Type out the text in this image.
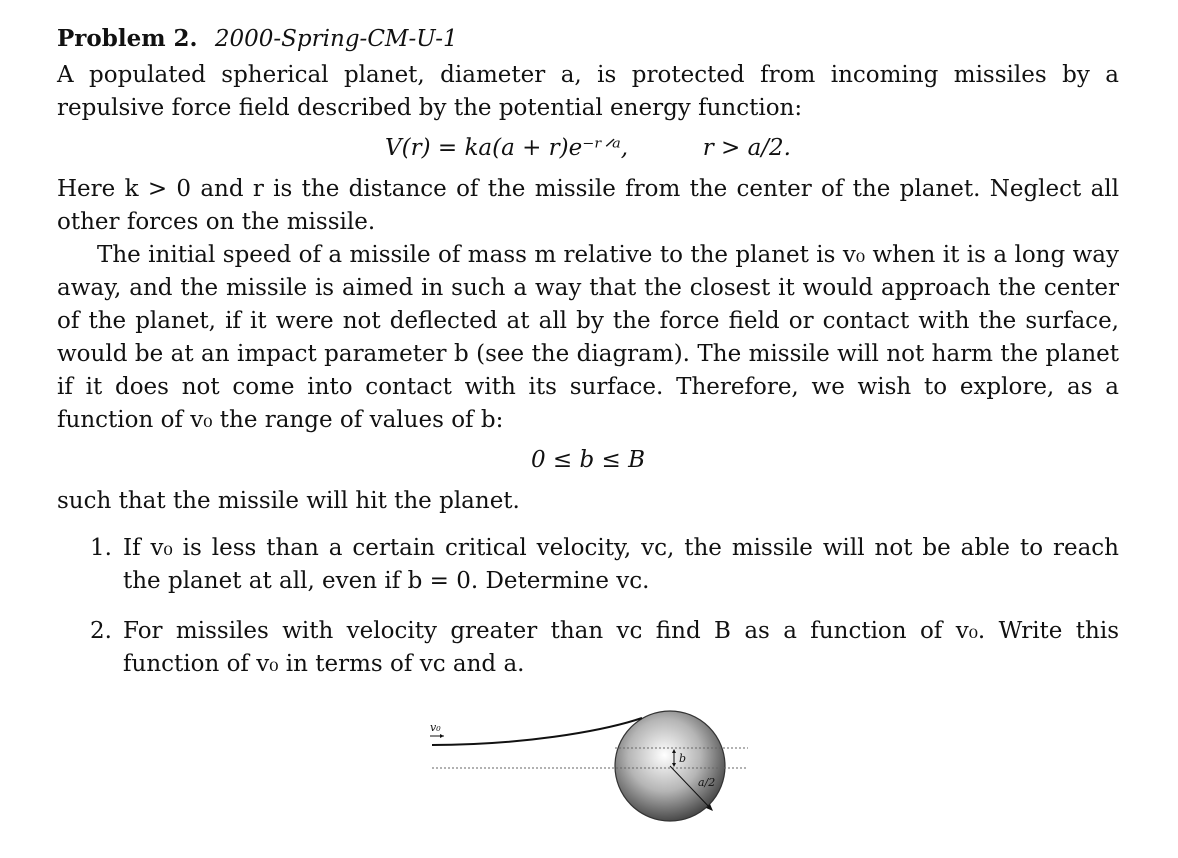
Problem 2. 2000-Spring-CM-U-1

A populated spherical planet, diameter a, is protected from incoming missiles by a repulsive force field described by the potential energy function:

V(r) = ka(a + r)e⁻ʳᐟᵃ,	r > a/2.

Here k > 0 and r is the distance of the missile from the center of the planet. Neglect all other forces on the missile.

The initial speed of a missile of mass m relative to the planet is v₀ when it is a long way away, and the missile is aimed in such a way that the closest it would approach the center of the planet, if it were not deflected at all by the force field or contact with the surface, would be at an impact parameter b (see the diagram). The missile will not harm the planet if it does not come into contact with its surface. Therefore, we wish to explore, as a function of v₀ the range of values of b:

0 ≤ b ≤ B

such that the missile will hit the planet.

1. If v₀ is less than a certain critical velocity, vᴄ, the missile will not be able to reach the planet at all, even if b = 0. Determine vᴄ.
2. For missiles with velocity greater than vᴄ find B as a function of v₀. Write this function of v₀ in terms of vᴄ and a.
v₀
b
a/2
